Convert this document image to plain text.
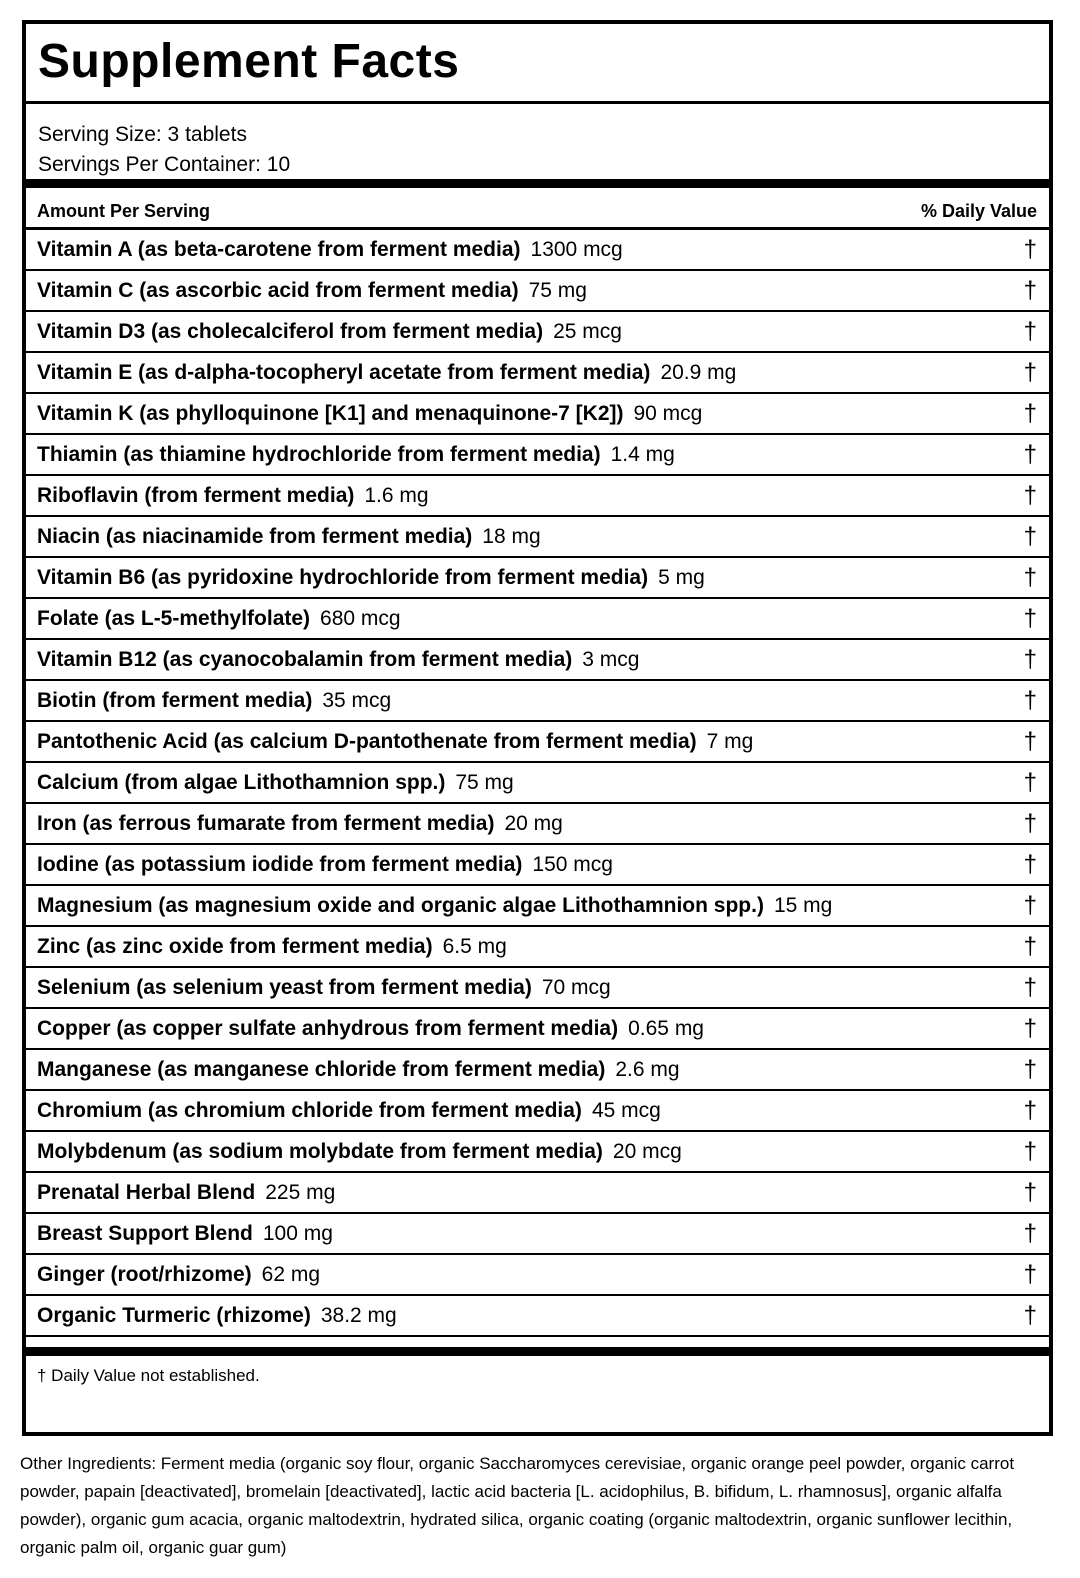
Supplement Facts
Serving Size: 3 tablets
Servings Per Container: 10
Amount Per Serving	% Daily Value
Vitamin A (as beta-carotene from ferment media) 1300 mcg	†
Vitamin C (as ascorbic acid from ferment media) 75 mg	†
Vitamin D3 (as cholecalciferol from ferment media) 25 mcg	†
Vitamin E (as d-alpha-tocopheryl acetate from ferment media) 20.9 mg	†
Vitamin K (as phylloquinone [K1] and menaquinone-7 [K2]) 90 mcg	†
Thiamin (as thiamine hydrochloride from ferment media) 1.4 mg	†
Riboflavin (from ferment media) 1.6 mg	†
Niacin (as niacinamide from ferment media) 18 mg	†
Vitamin B6 (as pyridoxine hydrochloride from ferment media) 5 mg	†
Folate (as L-5-methylfolate) 680 mcg	†
Vitamin B12 (as cyanocobalamin from ferment media) 3 mcg	†
Biotin (from ferment media) 35 mcg	†
Pantothenic Acid (as calcium D-pantothenate from ferment media) 7 mg	†
Calcium (from algae Lithothamnion spp.) 75 mg	†
Iron (as ferrous fumarate from ferment media) 20 mg	†
Iodine (as potassium iodide from ferment media) 150 mcg	†
Magnesium (as magnesium oxide and organic algae Lithothamnion spp.) 15 mg	†
Zinc (as zinc oxide from ferment media) 6.5 mg	†
Selenium (as selenium yeast from ferment media) 70 mcg	†
Copper (as copper sulfate anhydrous from ferment media) 0.65 mg	†
Manganese (as manganese chloride from ferment media) 2.6 mg	†
Chromium (as chromium chloride from ferment media) 45 mcg	†
Molybdenum (as sodium molybdate from ferment media) 20 mcg	†
Prenatal Herbal Blend 225 mg	†
Breast Support Blend 100 mg	†
Ginger (root/rhizome) 62 mg	†
Organic Turmeric (rhizome) 38.2 mg	†
† Daily Value not established.

Other Ingredients: Ferment media (organic soy flour, organic Saccharomyces cerevisiae, organic orange peel powder, organic carrot powder, papain [deactivated], bromelain [deactivated], lactic acid bacteria [L. acidophilus, B. bifidum, L. rhamnosus], organic alfalfa powder), organic gum acacia, organic maltodextrin, hydrated silica, organic coating (organic maltodextrin, organic sunflower lecithin, organic palm oil, organic guar gum)
